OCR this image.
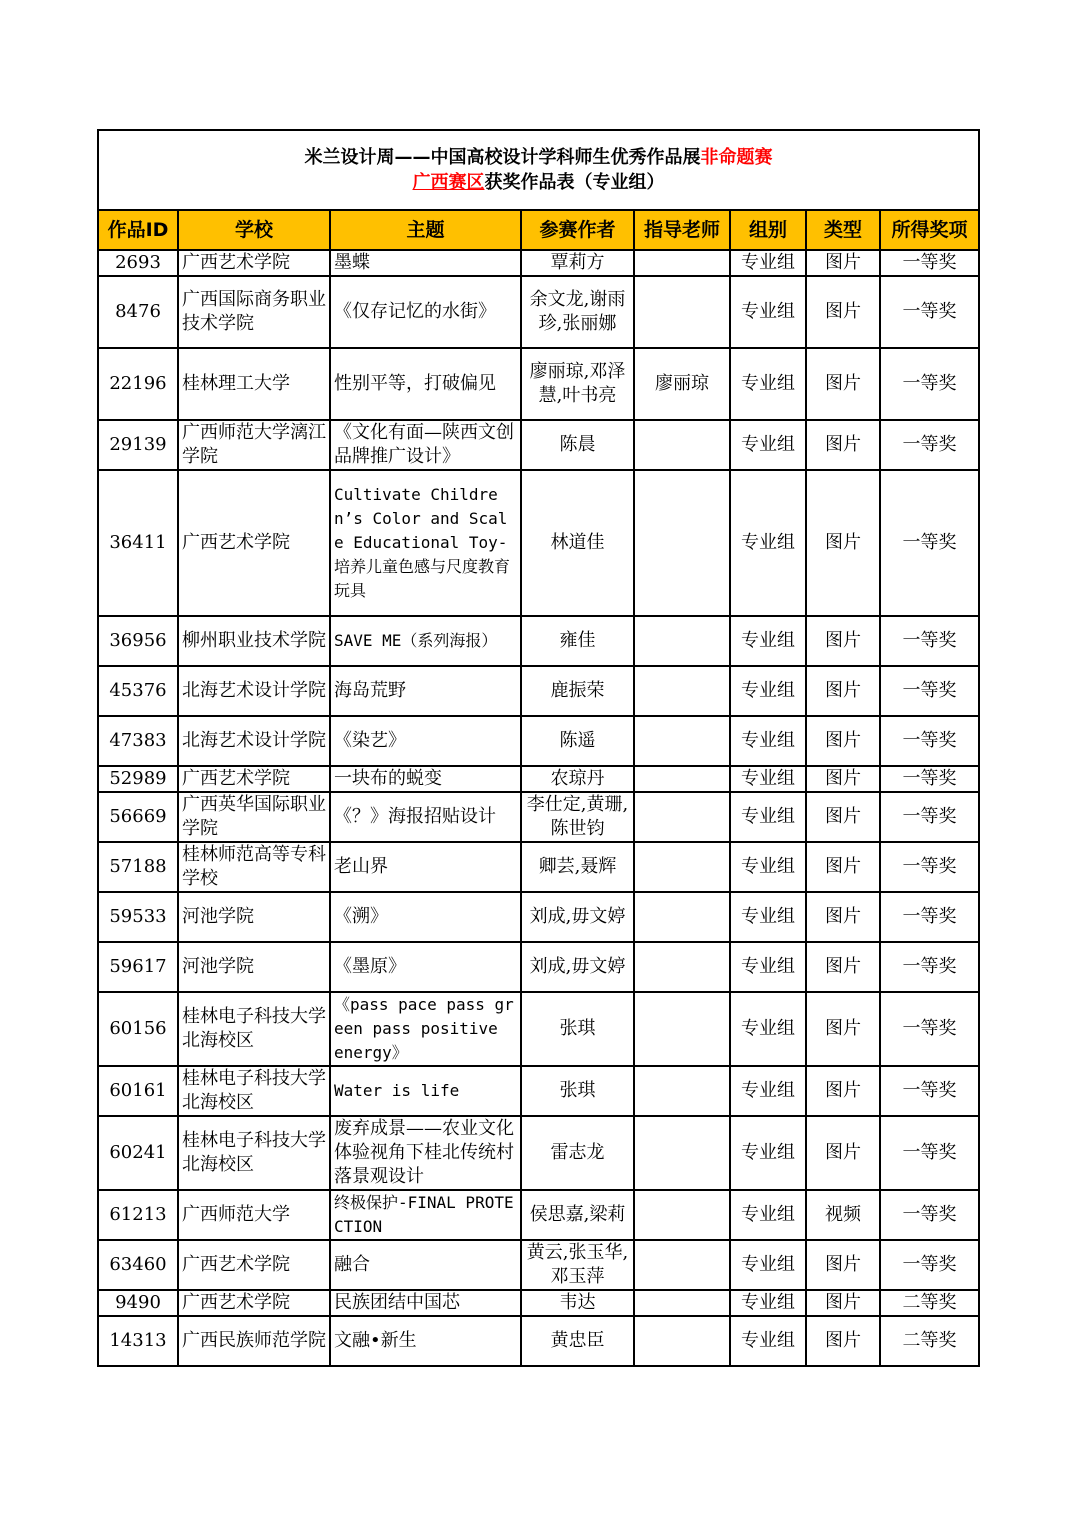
米兰设计周——中国高校设计学科师生优秀作品展非命题赛
广西赛区获奖作品表（专业组）							

作品ID	学校	主题	参赛作者	指导老师	组别	类型	所得奖项
2693	广西艺术学院	墨蝶	覃莉方		专业组	图片	一等奖
8476	广西国际商务职业技术学院	《仅存记忆的水街》	余文龙,谢雨珍,张丽娜		专业组	图片	一等奖
22196	桂林理工大学	性别平等，打破偏见	廖丽琼,邓泽慧,叶书亮	廖丽琼	专业组	图片	一等奖
29139	广西师范大学漓江学院	《文化有面—陕西文创品牌推广设计》	陈晨		专业组	图片	一等奖
36411	广西艺术学院	Cultivate Children’s Color and Scale Educational Toy-培养儿童色感与尺度教育玩具	林道佳		专业组	图片	一等奖
36956	柳州职业技术学院	SAVE ME（系列海报）	雍佳		专业组	图片	一等奖
45376	北海艺术设计学院	海岛荒野	鹿振荣		专业组	图片	一等奖
47383	北海艺术设计学院	《染艺》	陈遥		专业组	图片	一等奖
52989	广西艺术学院	一块布的蜕变	农琼丹		专业组	图片	一等奖
56669	广西英华国际职业学院	《？》海报招贴设计	李仕定,黄珊,陈世钧		专业组	图片	一等奖
57188	桂林师范高等专科学校	老山界	卿芸,聂辉		专业组	图片	一等奖
59533	河池学院	《溯》	刘成,毋文婷		专业组	图片	一等奖
59617	河池学院	《墨原》	刘成,毋文婷		专业组	图片	一等奖
60156	桂林电子科技大学北海校区	《pass pace pass green pass positive energy》	张琪		专业组	图片	一等奖
60161	桂林电子科技大学北海校区	Water is life	张琪		专业组	图片	一等奖
60241	桂林电子科技大学北海校区	废弃成景——农业文化体验视角下桂北传统村落景观设计	雷志龙		专业组	图片	一等奖
61213	广西师范大学	终极保护-FINAL PROTECTION	侯思嘉,梁莉		专业组	视频	一等奖
63460	广西艺术学院	融合	黄云,张玉华,邓玉萍		专业组	图片	一等奖
9490	广西艺术学院	民族团结中国芯	韦达		专业组	图片	二等奖
14313	广西民族师范学院	文融•新生	黄忠臣		专业组	图片	二等奖
